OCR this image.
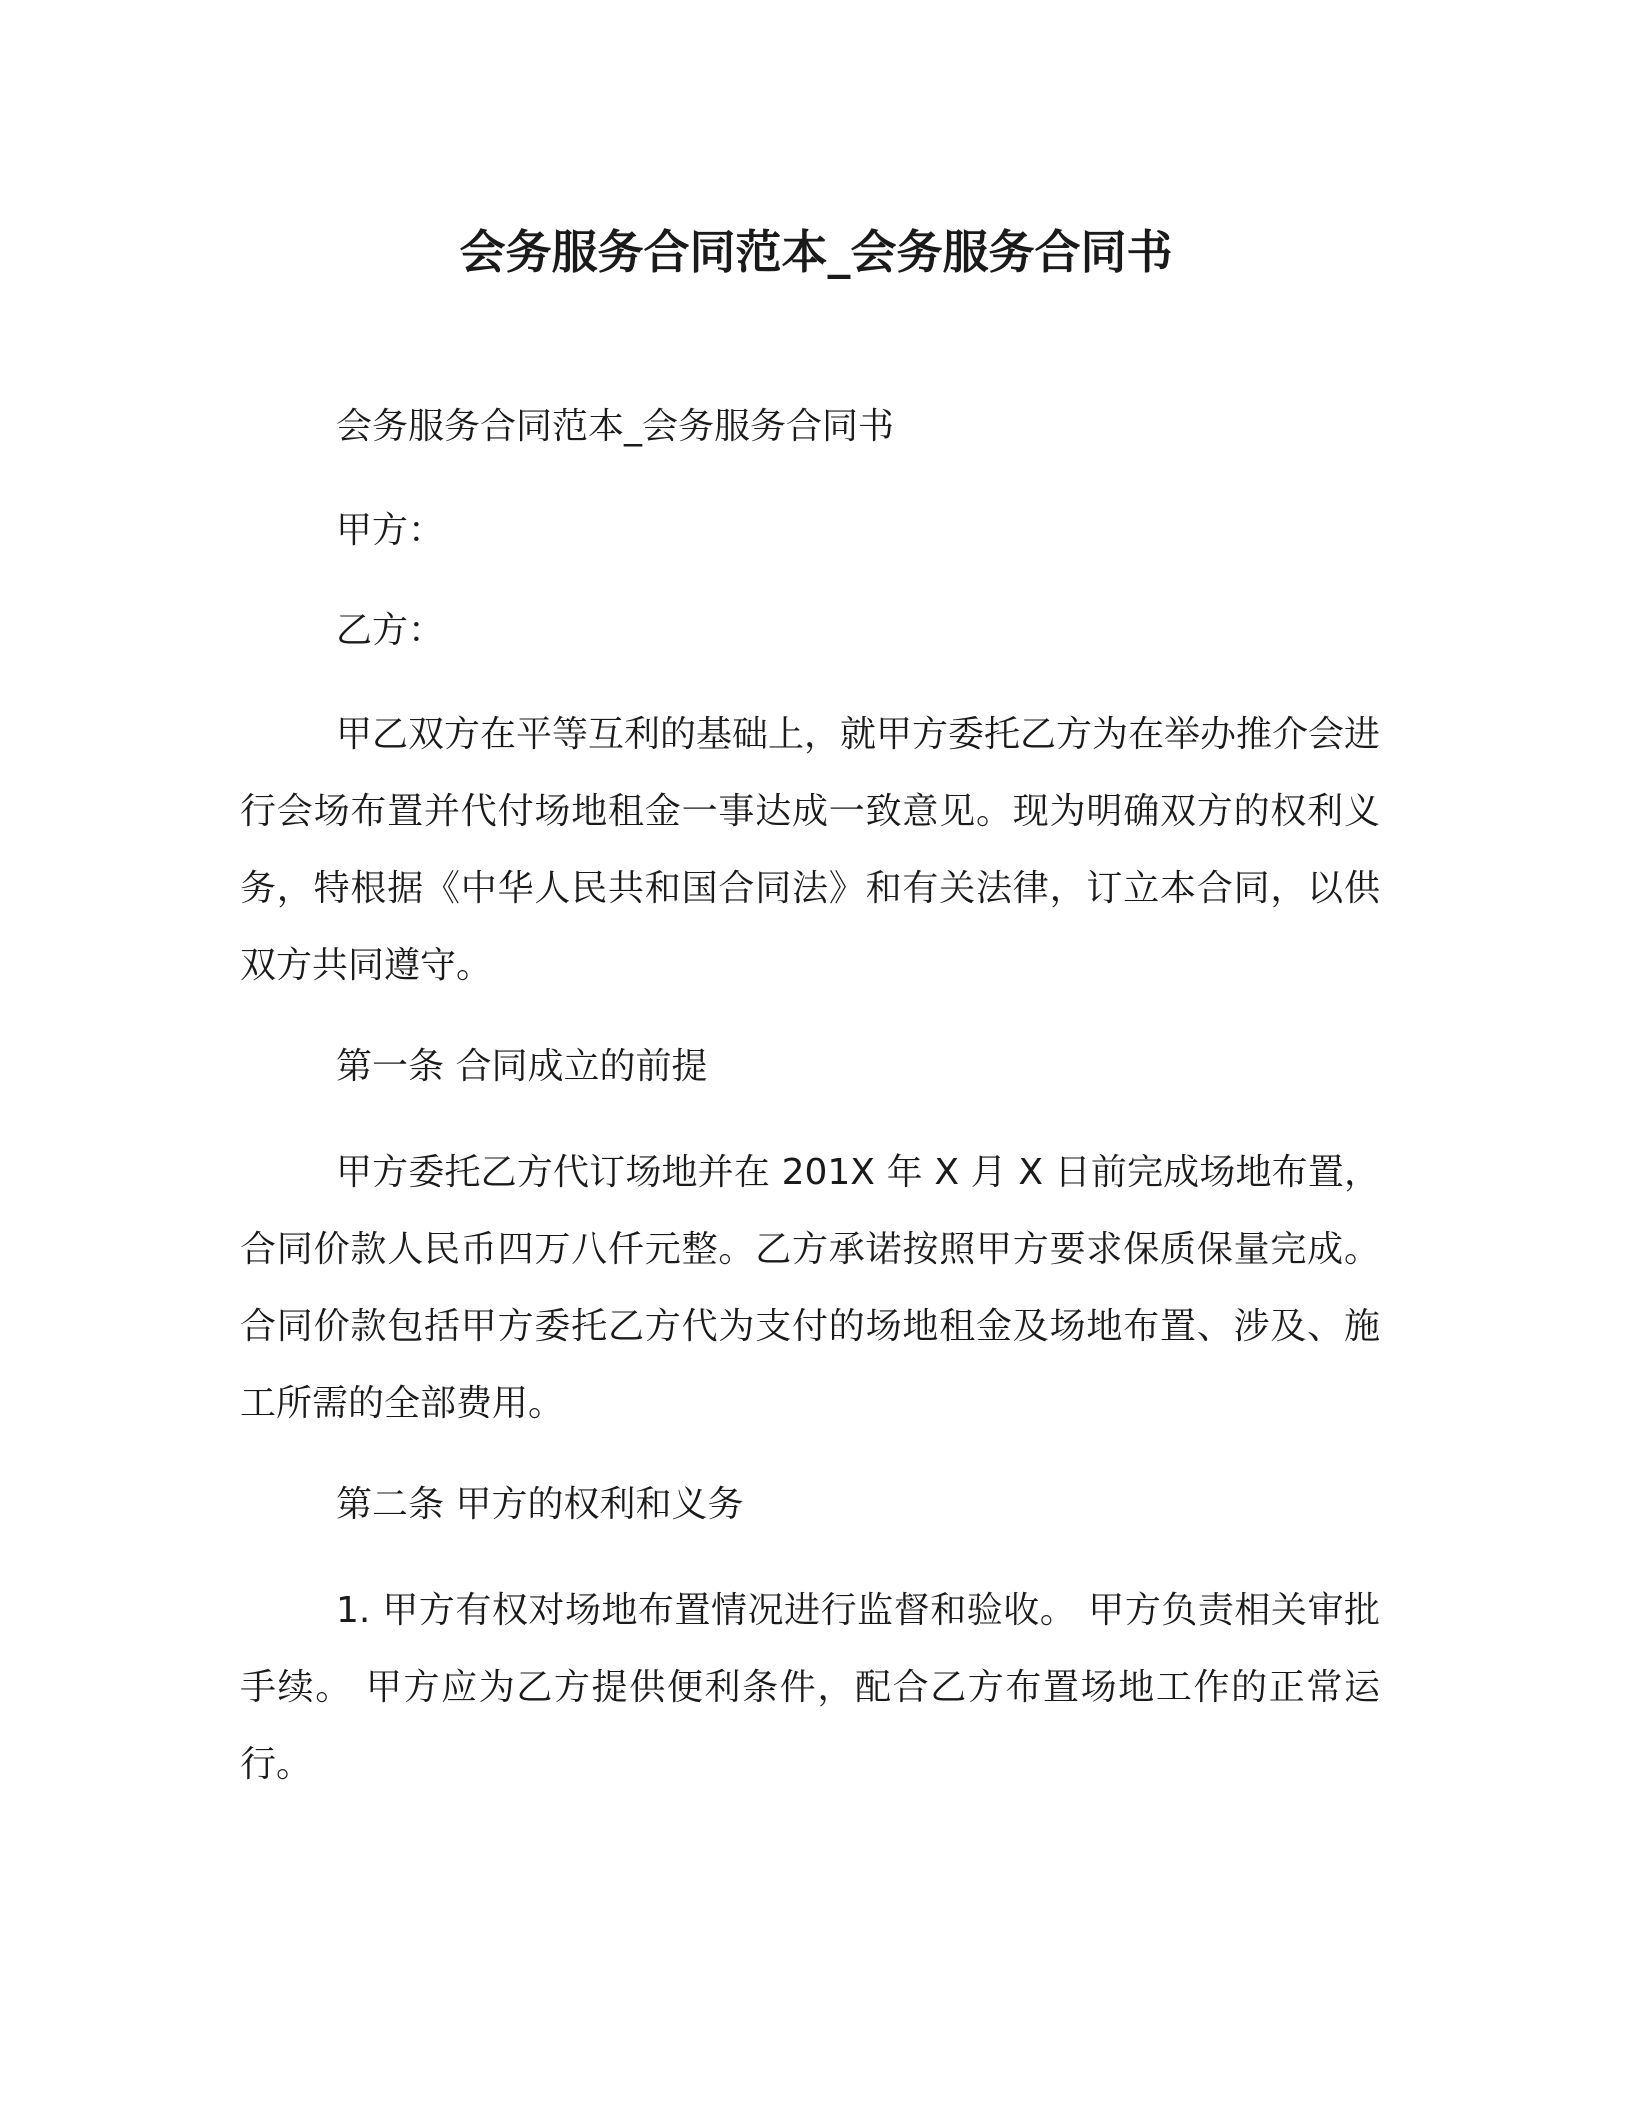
会务服务合同范本_会务服务合同书

会务服务合同范本_会务服务合同书

甲方：

乙方：

甲乙双方在平等互利的基础上，就甲方委托乙方为在举办推介会进行会场布置并代付场地租金一事达成一致意见。现为明确双方的权利义务，特根据《中华人民共和国合同法》和有关法律，订立本合同，以供双方共同遵守。

第一条 合同成立的前提

甲方委托乙方代订场地并在 201X 年 X 月 X 日前完成场地布置，合同价款人民币四万八仟元整。乙方承诺按照甲方要求保质保量完成。合同价款包括甲方委托乙方代为支付的场地租金及场地布置、涉及、施工所需的全部费用。

第二条 甲方的权利和义务

1. 甲方有权对场地布置情况进行监督和验收。 甲方负责相关审批手续。 甲方应为乙方提供便利条件，配合乙方布置场地工作的正常运行。
